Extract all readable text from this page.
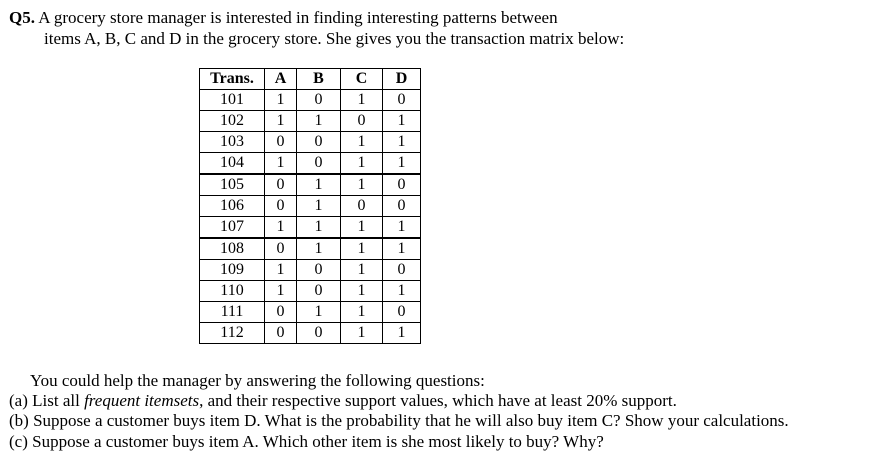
Q5. A grocery store manager is interested in finding interesting patterns between
items A, B, C and D in the grocery store. She gives you the transaction matrix below:
Trans.	A	B	C	D
101	1	0	1	0
102	1	1	0	1
103	0	0	1	1
104	1	0	1	1
105	0	1	1	0
106	0	1	0	0
107	1	1	1	1
108	0	1	1	1
109	1	0	1	0
110	1	0	1	1
111	0	1	1	0
112	0	0	1	1
You could help the manager by answering the following questions:
(a) List all frequent itemsets, and their respective support values, which have at least 20% support.
(b) Suppose a customer buys item D. What is the probability that he will also buy item C? Show your calculations.
(c) Suppose a customer buys item A. Which other item is she most likely to buy? Why?
